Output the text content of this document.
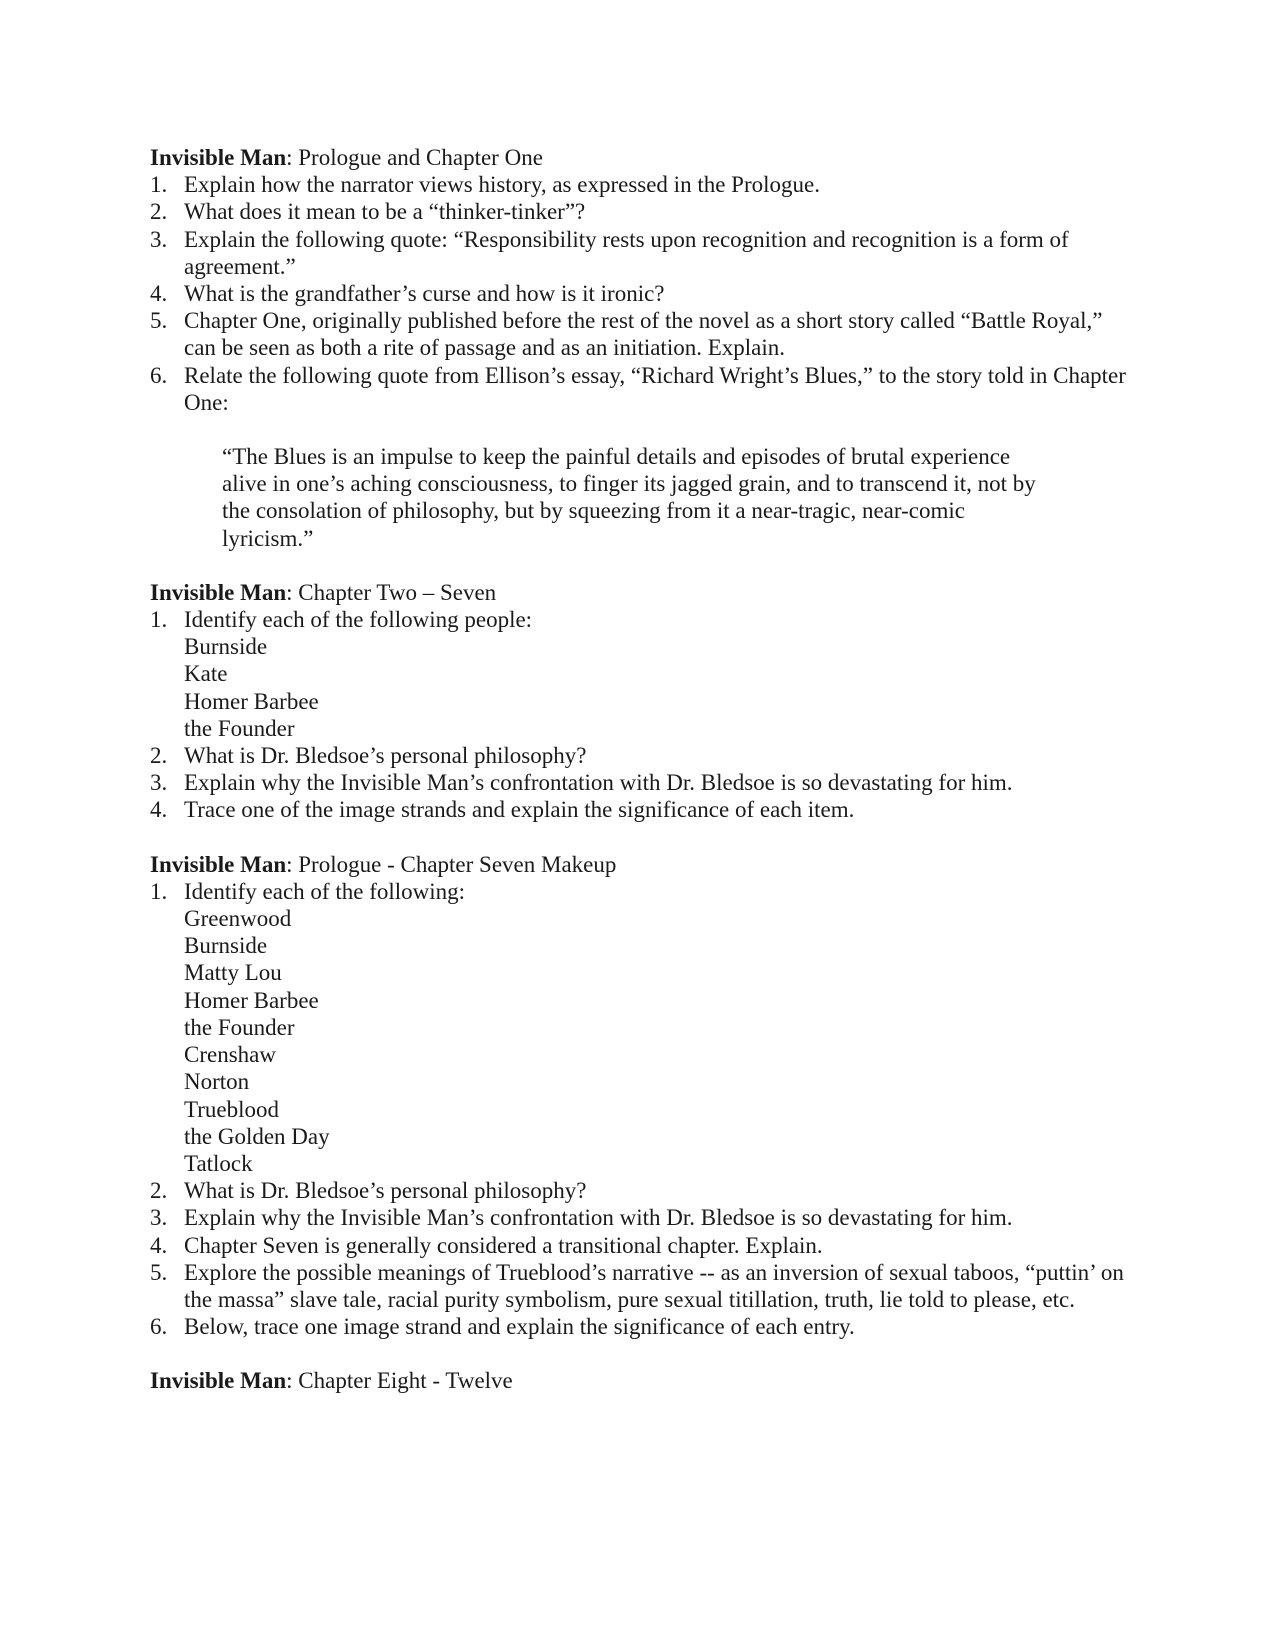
Invisible Man: Prologue and Chapter One
1. Explain how the narrator views history, as expressed in the Prologue.
2. What does it mean to be a “thinker-tinker”?
3. Explain the following quote: “Responsibility rests upon recognition and recognition is a form of agreement.”
4. What is the grandfather’s curse and how is it ironic?
5. Chapter One, originally published before the rest of the novel as a short story called “Battle Royal,” can be seen as both a rite of passage and as an initiation. Explain.
6. Relate the following quote from Ellison’s essay, “Richard Wright’s Blues,” to the story told in Chapter One:
“The Blues is an impulse to keep the painful details and episodes of brutal experience alive in one’s aching consciousness, to finger its jagged grain, and to transcend it, not by the consolation of philosophy, but by squeezing from it a near-tragic, near-comic lyricism.”
Invisible Man: Chapter Two – Seven
1. Identify each of the following people:
Burnside
Kate
Homer Barbee
the Founder
2. What is Dr. Bledsoe’s personal philosophy?
3. Explain why the Invisible Man’s confrontation with Dr. Bledsoe is so devastating for him.
4. Trace one of the image strands and explain the significance of each item.
Invisible Man: Prologue - Chapter Seven Makeup
1. Identify each of the following:
Greenwood
Burnside
Matty Lou
Homer Barbee
the Founder
Crenshaw
Norton
Trueblood
the Golden Day
Tatlock
2. What is Dr. Bledsoe’s personal philosophy?
3. Explain why the Invisible Man’s confrontation with Dr. Bledsoe is so devastating for him.
4. Chapter Seven is generally considered a transitional chapter. Explain.
5. Explore the possible meanings of Trueblood’s narrative -- as an inversion of sexual taboos, “puttin’ on the massa” slave tale, racial purity symbolism, pure sexual titillation, truth, lie told to please, etc.
6. Below, trace one image strand and explain the significance of each entry.
Invisible Man: Chapter Eight - Twelve
